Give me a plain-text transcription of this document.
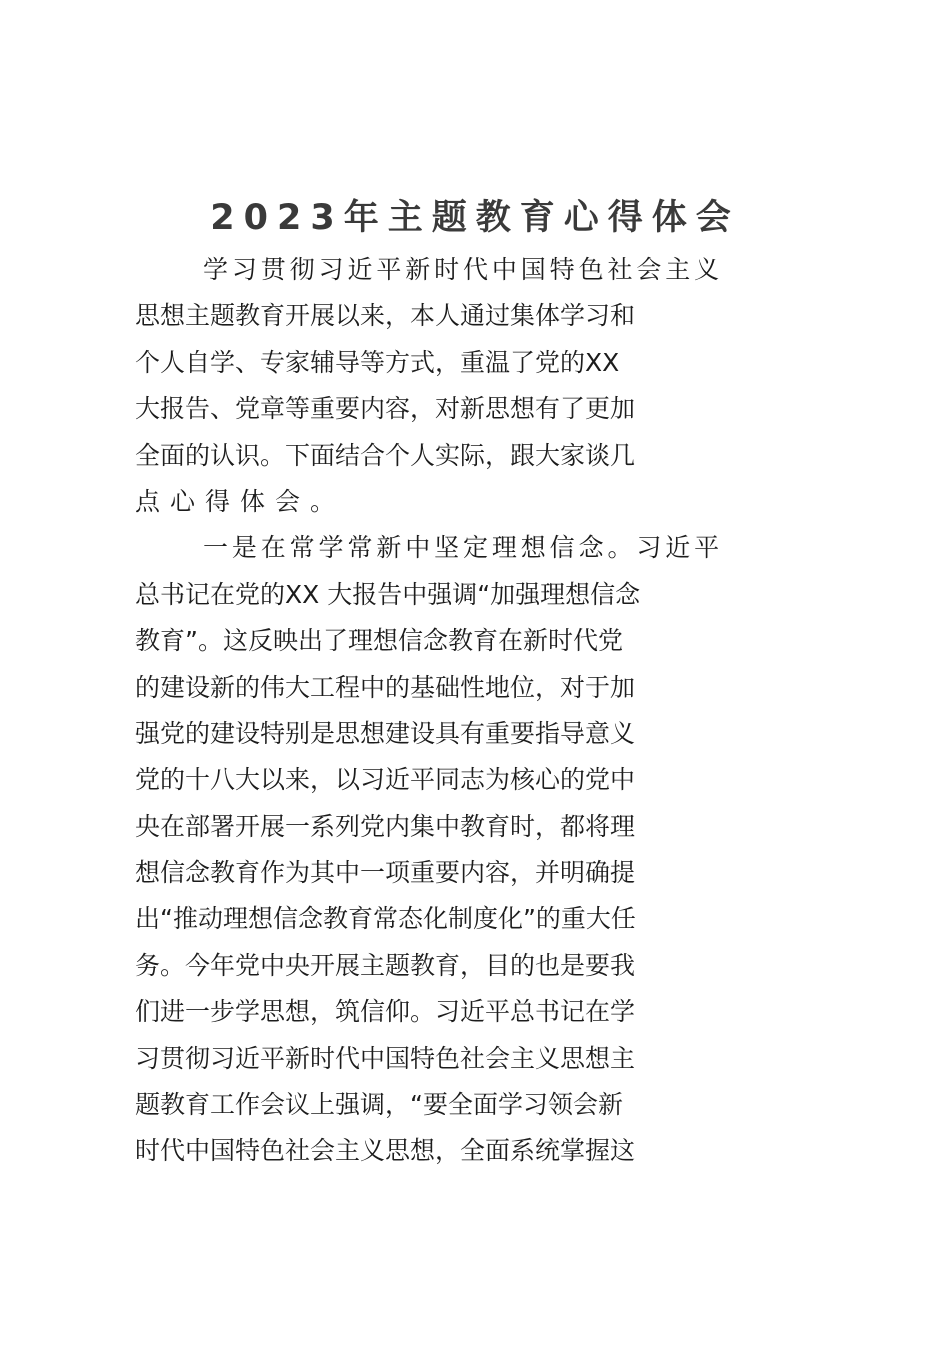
2023年主题教育心得体会
学习贯彻习近平新时代中国特色社会主义
思想主题教育开展以来，本人通过集体学习和
个人自学、专家辅导等方式，重温了党的XX
大报告、党章等重要内容，对新思想有了更加
全面的认识。下面结合个人实际，跟大家谈几
点心得体会。
一是在常学常新中坚定理想信念。习近平
总书记在党的XX 大报告中强调“加强理想信念
教育”。这反映出了理想信念教育在新时代党
的建设新的伟大工程中的基础性地位，对于加
强党的建设特别是思想建设具有重要指导意义
党的十八大以来，以习近平同志为核心的党中
央在部署开展一系列党内集中教育时，都将理
想信念教育作为其中一项重要内容，并明确提
出“推动理想信念教育常态化制度化”的重大任
务。今年党中央开展主题教育，目的也是要我
们进一步学思想，筑信仰。习近平总书记在学
习贯彻习近平新时代中国特色社会主义思想主
题教育工作会议上强调，“要全面学习领会新
时代中国特色社会主义思想，全面系统掌握这
